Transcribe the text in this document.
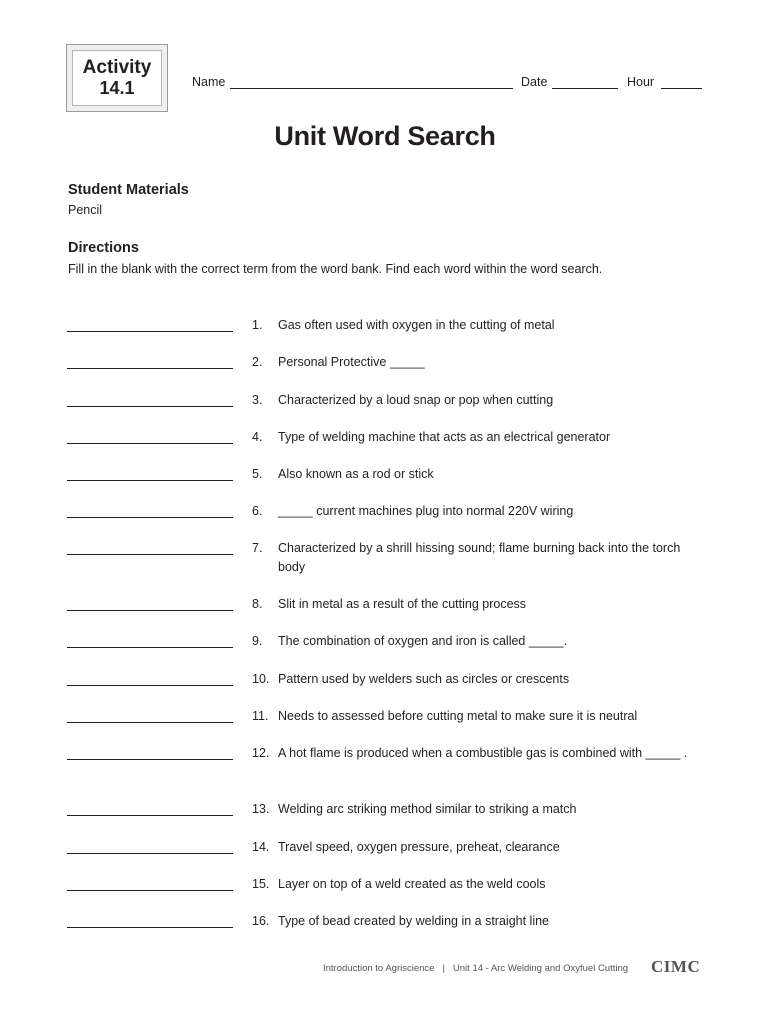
Activity
14.1	Name	Date	Hour
Unit Word Search
Student Materials
Pencil
Directions
Fill in the blank with the correct term from the word bank. Find each word within the word search.
1. Gas often used with oxygen in the cutting of metal
2. Personal Protective _____
3. Characterized by a loud snap or pop when cutting
4. Type of welding machine that acts as an electrical generator
5. Also known as a rod or stick
6. _____ current machines plug into normal 220V wiring
7. Characterized by a shrill hissing sound; flame burning back into the torch body
8. Slit in metal as a result of the cutting process
9. The combination of oxygen and iron is called _____.
10. Pattern used by welders such as circles or crescents
11. Needs to assessed before cutting metal to make sure it is neutral
12. A hot flame is produced when a combustible gas is combined with _____ .
13. Welding arc striking method similar to striking a match
14. Travel speed, oxygen pressure, preheat, clearance
15. Layer on top of a weld created as the weld cools
16. Type of bead created by welding in a straight line
Introduction to Agriscience | Unit 14 - Arc Welding and Oxyfuel Cutting CIMC
